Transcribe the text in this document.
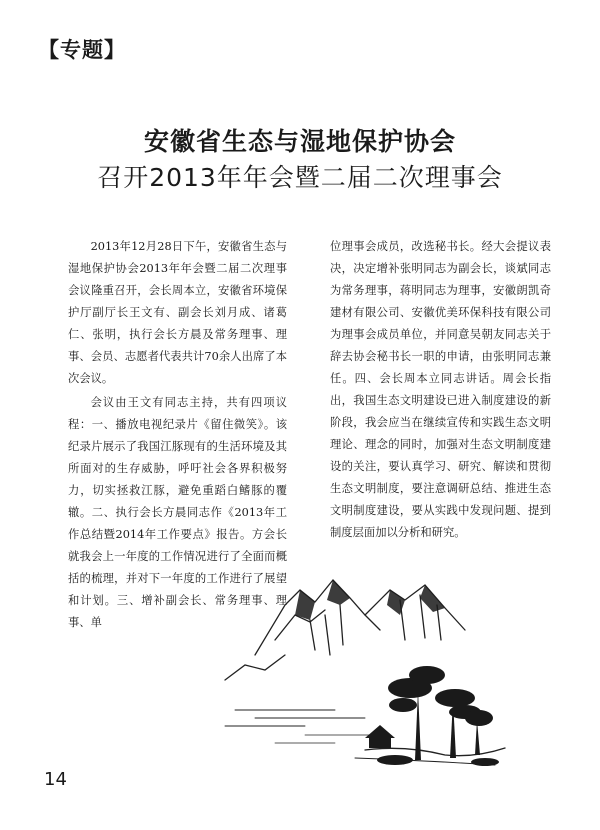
【专题】
安徽省生态与湿地保护协会
召开2013年年会暨二届二次理事会

2013年12月28日下午，安徽省生态与湿地保护协会2013年年会暨二届二次理事会议隆重召开，会长周本立，安徽省环境保护厅副厅长王文有、副会长刘月成、诸葛仁、张明，执行会长方晨及常务理事、理事、会员、志愿者代表共计70余人出席了本次会议。

会议由王文有同志主持，共有四项议程：一、播放电视纪录片《留住微笑》。该纪录片展示了我国江豚现有的生活环境及其所面对的生存威胁，呼吁社会各界积极努力，切实拯救江豚，避免重蹈白鳍豚的覆辙。二、执行会长方晨同志作《2013年工作总结暨2014年工作要点》报告。方会长就我会上一年度的工作情况进行了全面而概括的梳理，并对下一年度的工作进行了展望和计划。三、增补副会长、常务理事、理事、单

位理事会成员，改选秘书长。经大会提议表决，决定增补张明同志为副会长，谈斌同志为常务理事，蒋明同志为理事，安徽朗凯奇建材有限公司、安徽优美环保科技有限公司为理事会成员单位，并同意吴朝友同志关于辞去协会秘书长一职的申请，由张明同志兼任。四、会长周本立同志讲话。周会长指出，我国生态文明建设已进入制度建设的新阶段，我会应当在继续宣传和实践生态文明理论、理念的同时，加强对生态文明制度建设的关注，要认真学习、研究、解读和贯彻生态文明制度，要注意调研总结、推进生态文明制度建设，要从实践中发现问题、提到制度层面加以分析和研究。

14
